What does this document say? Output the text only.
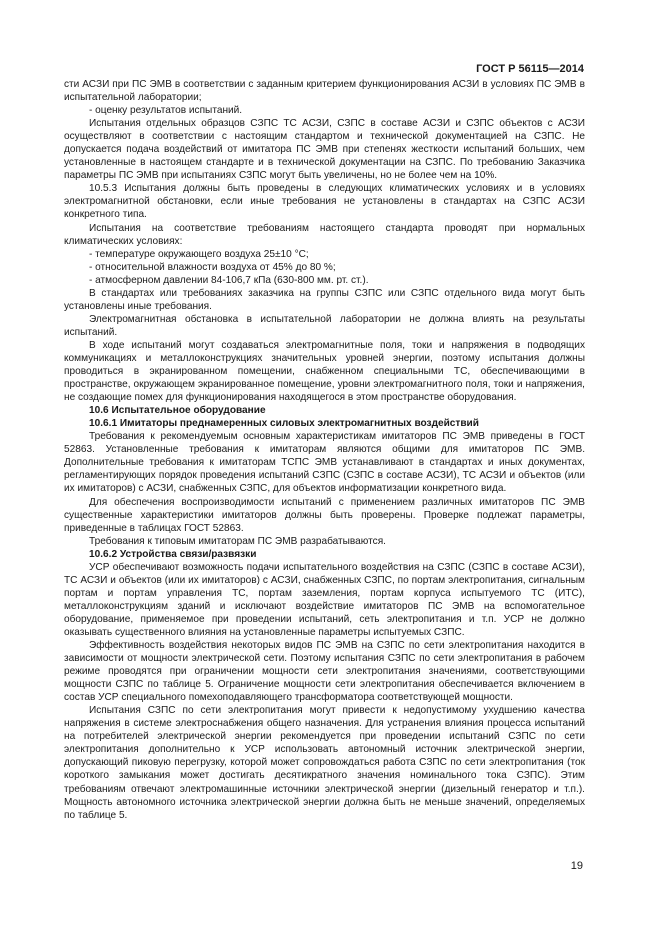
ГОСТ Р 56115—2014

сти АСЗИ при ПС ЭМВ в соответствии с заданным критерием функционирования АСЗИ в условиях ПС ЭМВ в испытательной лаборатории;

- оценку результатов испытаний.

Испытания отдельных образцов СЗПС ТС АСЗИ, СЗПС в составе АСЗИ и СЗПС объектов с АСЗИ осуществляют в соответствии с настоящим стандартом и технической документацией на СЗПС. Не допускается подача воздействий от имитатора ПС ЭМВ при степенях жесткости испытаний больших, чем установленные в настоящем стандарте и в технической документации на СЗПС. По требованию Заказчика параметры ПС ЭМВ при испытаниях СЗПС могут быть увеличены, но не более чем на 10%.

10.5.3 Испытания должны быть проведены в следующих климатических условиях и в условиях электромагнитной обстановки, если иные требования не установлены в стандартах на СЗПС АСЗИ конкретного типа.

Испытания на соответствие требованиям настоящего стандарта проводят при нормальных климатических условиях:

- температуре окружающего воздуха 25±10 °С;

- относительной влажности воздуха от 45% до 80 %;

- атмосферном давлении 84-106,7 кПа (630-800 мм. рт. ст.).

В стандартах или требованиях заказчика на группы СЗПС или СЗПС отдельного вида могут быть установлены иные требования.

Электромагнитная обстановка в испытательной лаборатории не должна влиять на результаты испытаний.

В ходе испытаний могут создаваться электромагнитные поля, токи и напряжения в подводящих коммуникациях и металлоконструкциях значительных уровней энергии, поэтому испытания должны проводиться в экранированном помещении, снабженном специальными ТС, обеспечивающими в пространстве, окружающем экранированное помещение, уровни электромагнитного поля, токи и напряжения, не создающие помех для функционирования находящегося в этом пространстве оборудования.

10.6 Испытательное оборудование

10.6.1 Имитаторы преднамеренных силовых электромагнитных воздействий

Требования к рекомендуемым основным характеристикам имитаторов ПС ЭМВ приведены в ГОСТ 52863. Установленные требования к имитаторам являются общими для имитаторов ПС ЭМВ. Дополнительные требования к имитаторам ТСПС ЭМВ устанавливают в стандартах и иных документах, регламентирующих порядок проведения испытаний СЗПС (СЗПС в составе АСЗИ), ТС АСЗИ и объектов (или их имитаторов) с АСЗИ, снабженных СЗПС, для объектов информатизации конкретного вида.

Для обеспечения воспроизводимости испытаний с применением различных имитаторов ПС ЭМВ существенные характеристики имитаторов должны быть проверены. Проверке подлежат параметры, приведенные в таблицах ГОСТ 52863.

Требования к типовым имитаторам ПС ЭМВ разрабатываются.

10.6.2 Устройства связи/развязки

УСР обеспечивают возможность подачи испытательного воздействия на СЗПС (СЗПС в составе АСЗИ), ТС АСЗИ и объектов (или их имитаторов) с АСЗИ, снабженных СЗПС, по портам электропитания, сигнальным портам и портам управления ТС, портам заземления, портам корпуса испытуемого ТС (ИТС), металлоконструкциям зданий и исключают воздействие имитаторов ПС ЭМВ на вспомогательное оборудование, применяемое при проведении испытаний, сеть электропитания и т.п. УСР не должно оказывать существенного влияния на установленные параметры испытуемых СЗПС.

Эффективность воздействия некоторых видов ПС ЭМВ на СЗПС по сети электропитания находится в зависимости от мощности электрической сети. Поэтому испытания СЗПС по сети электропитания в рабочем режиме проводятся при ограничении мощности сети электропитания значениями, соответствующими мощности СЗПС по таблице 5. Ограничение мощности сети электропитания обеспечивается включением в состав УСР специального помехоподавляющего трансформатора соответствующей мощности.

Испытания СЗПС по сети электропитания могут привести к недопустимому ухудшению качества напряжения в системе электроснабжения общего назначения. Для устранения влияния процесса испытаний на потребителей электрической энергии рекомендуется при проведении испытаний СЗПС по сети электропитания дополнительно к УСР использовать автономный источник электрической энергии, допускающий пиковую перегрузку, которой может сопровождаться работа СЗПС по сети электропитания (ток короткого замыкания может достигать десятикратного значения номинального тока СЗПС). Этим требованиям отвечают электромашинные источники электрической энергии (дизельный генератор и т.п.). Мощность автономного источника электрической энергии должна быть не меньше значений, определяемых по таблице 5.

19
